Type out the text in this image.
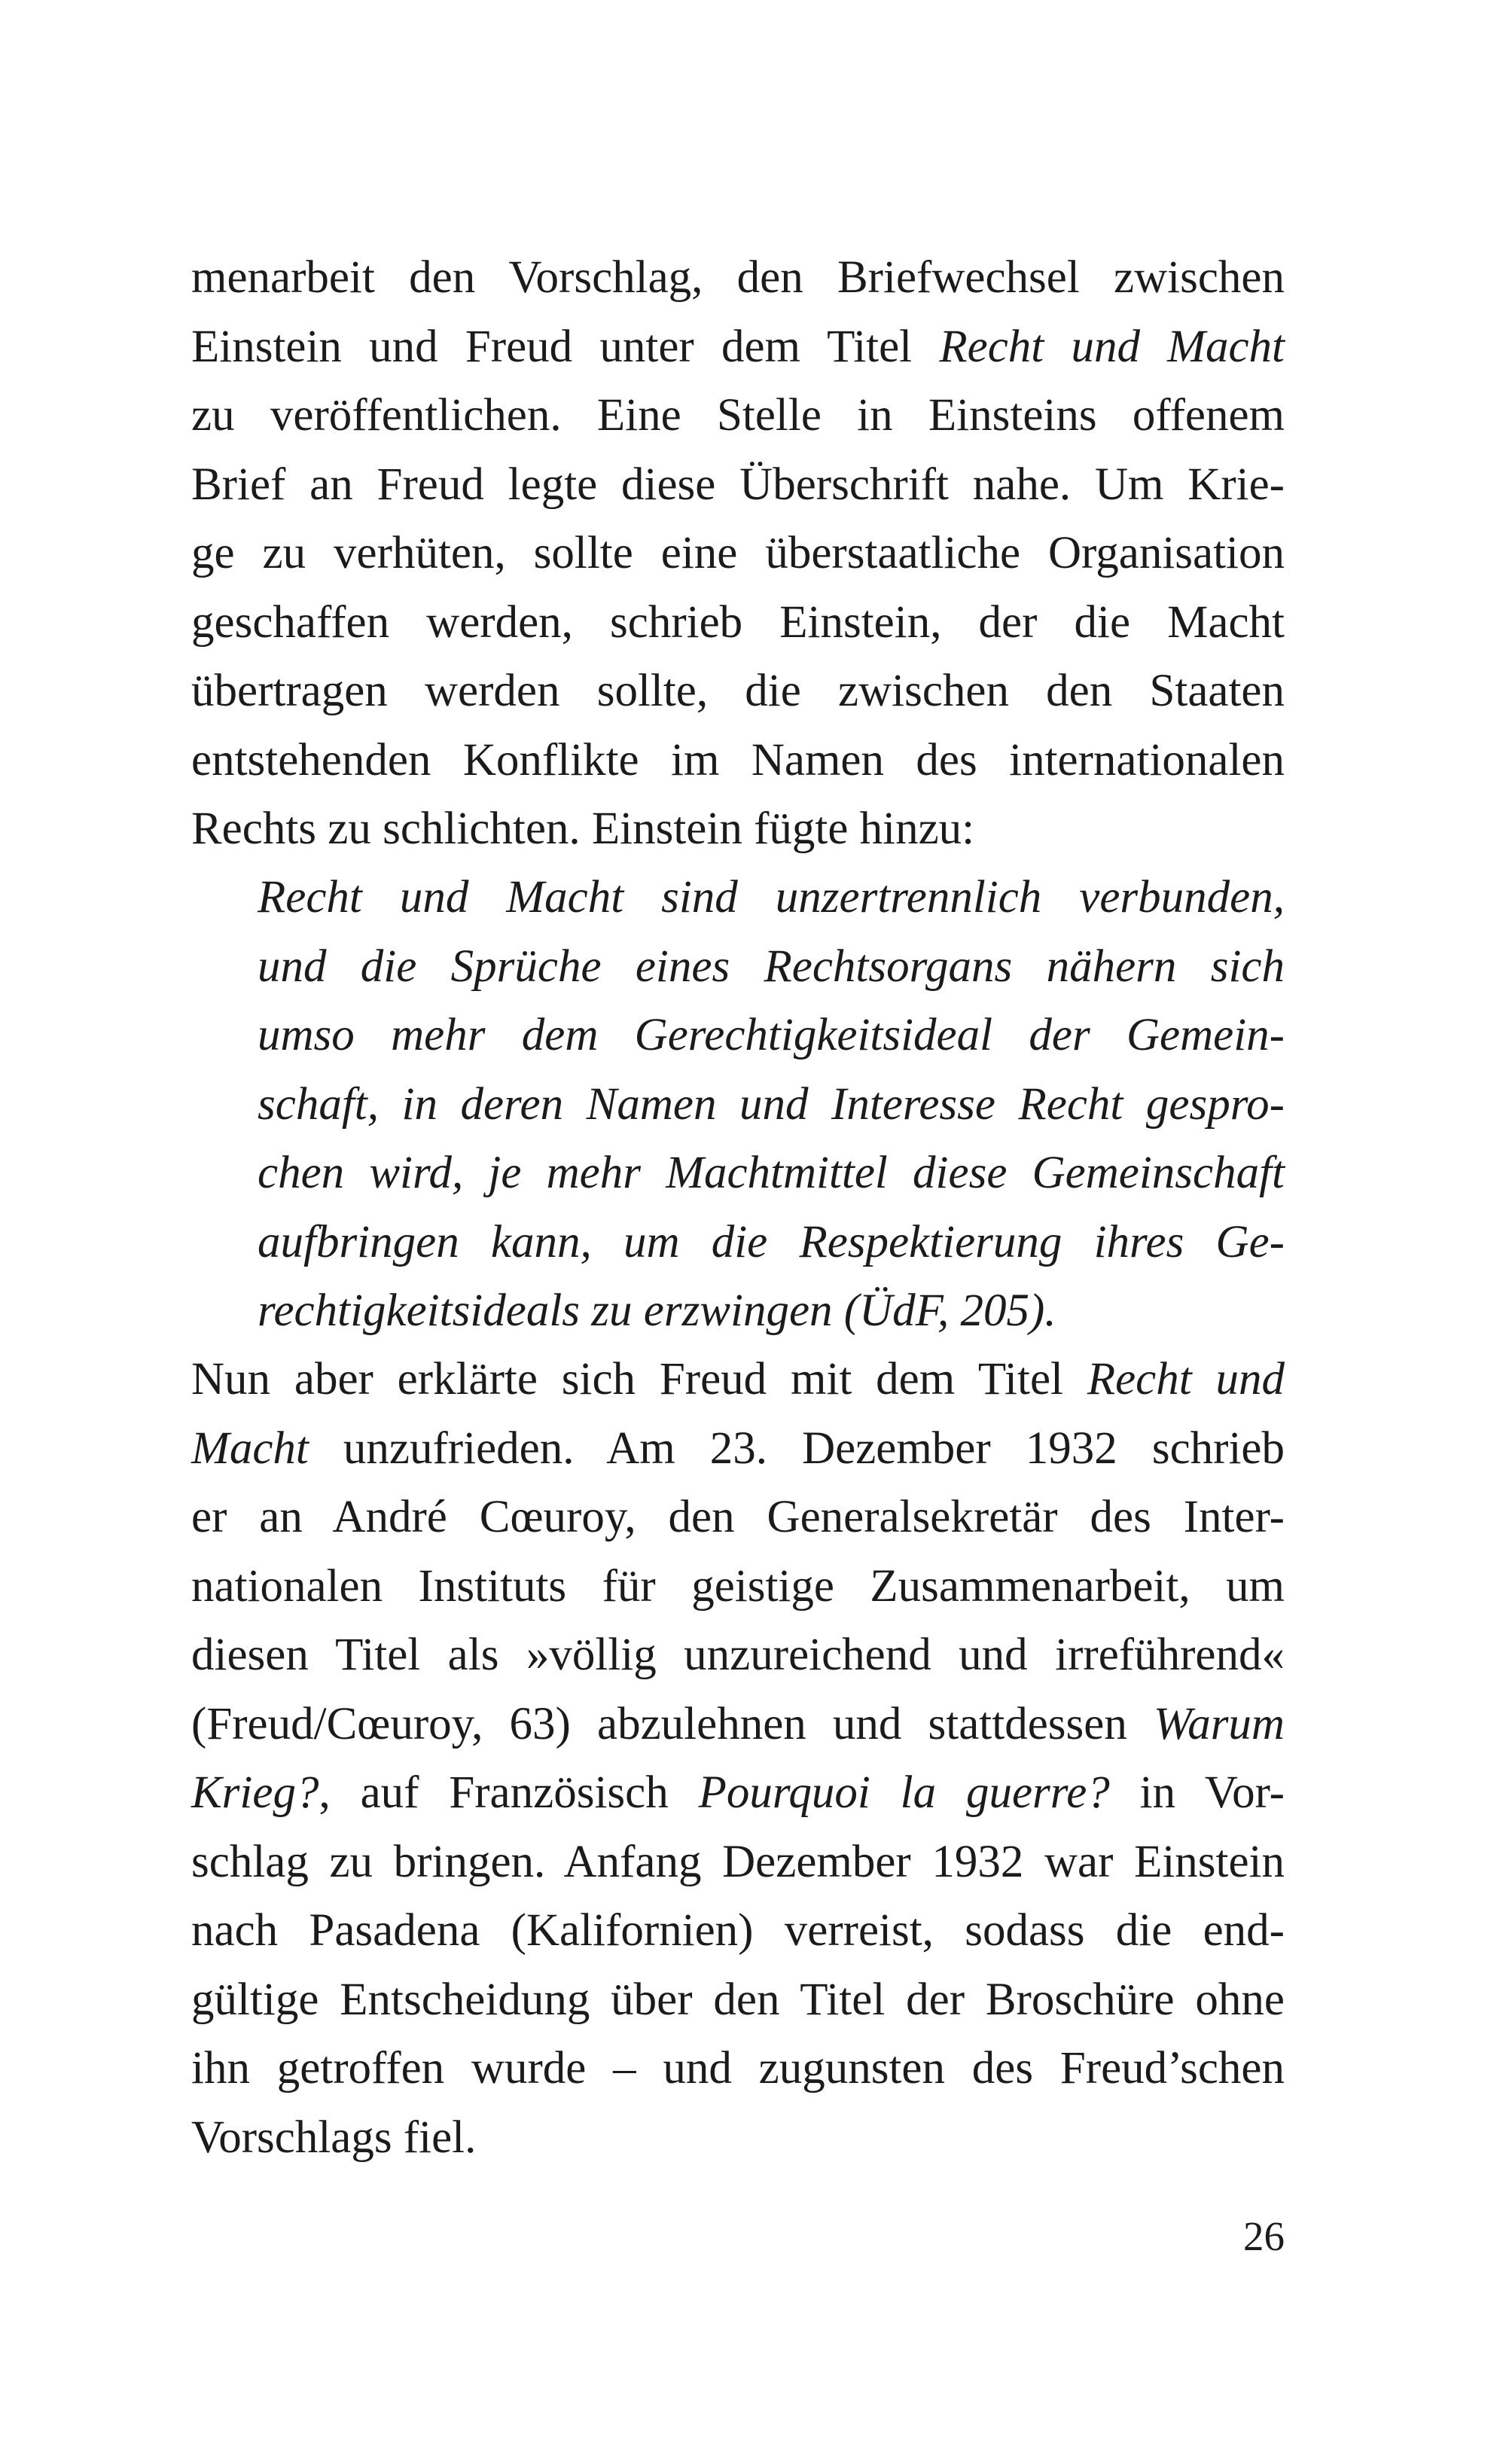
menarbeit den Vorschlag, den Briefwechsel zwischen
Einstein und Freud unter dem Titel Recht und Macht
zu veröffentlichen. Eine Stelle in Einsteins offenem
Brief an Freud legte diese Überschrift nahe. Um Krie-
ge zu verhüten, sollte eine überstaatliche Organisation
geschaffen werden, schrieb Einstein, der die Macht
übertragen werden sollte, die zwischen den Staaten
entstehenden Konflikte im Namen des internationalen
Rechts zu schlichten. Einstein fügte hinzu:
Recht und Macht sind unzertrennlich verbunden,
und die Sprüche eines Rechtsorgans nähern sich
umso mehr dem Gerechtigkeitsideal der Gemein-
schaft, in deren Namen und Interesse Recht gespro-
chen wird, je mehr Machtmittel diese Gemeinschaft
aufbringen kann, um die Respektierung ihres Ge-
rechtigkeitsideals zu erzwingen (ÜdF, 205).
Nun aber erklärte sich Freud mit dem Titel Recht und
Macht unzufrieden. Am 23. Dezember 1932 schrieb
er an André Cœuroy, den Generalsekretär des Inter-
nationalen Instituts für geistige Zusammenarbeit, um
diesen Titel als »völlig unzureichend und irreführend«
(Freud/Cœuroy, 63) abzulehnen und stattdessen Warum
Krieg?, auf Französisch Pourquoi la guerre? in Vor-
schlag zu bringen. Anfang Dezember 1932 war Einstein
nach Pasadena (Kalifornien) verreist, sodass die end-
gültige Entscheidung über den Titel der Broschüre ohne
ihn getroffen wurde – und zugunsten des Freud’schen
Vorschlags fiel.
26
